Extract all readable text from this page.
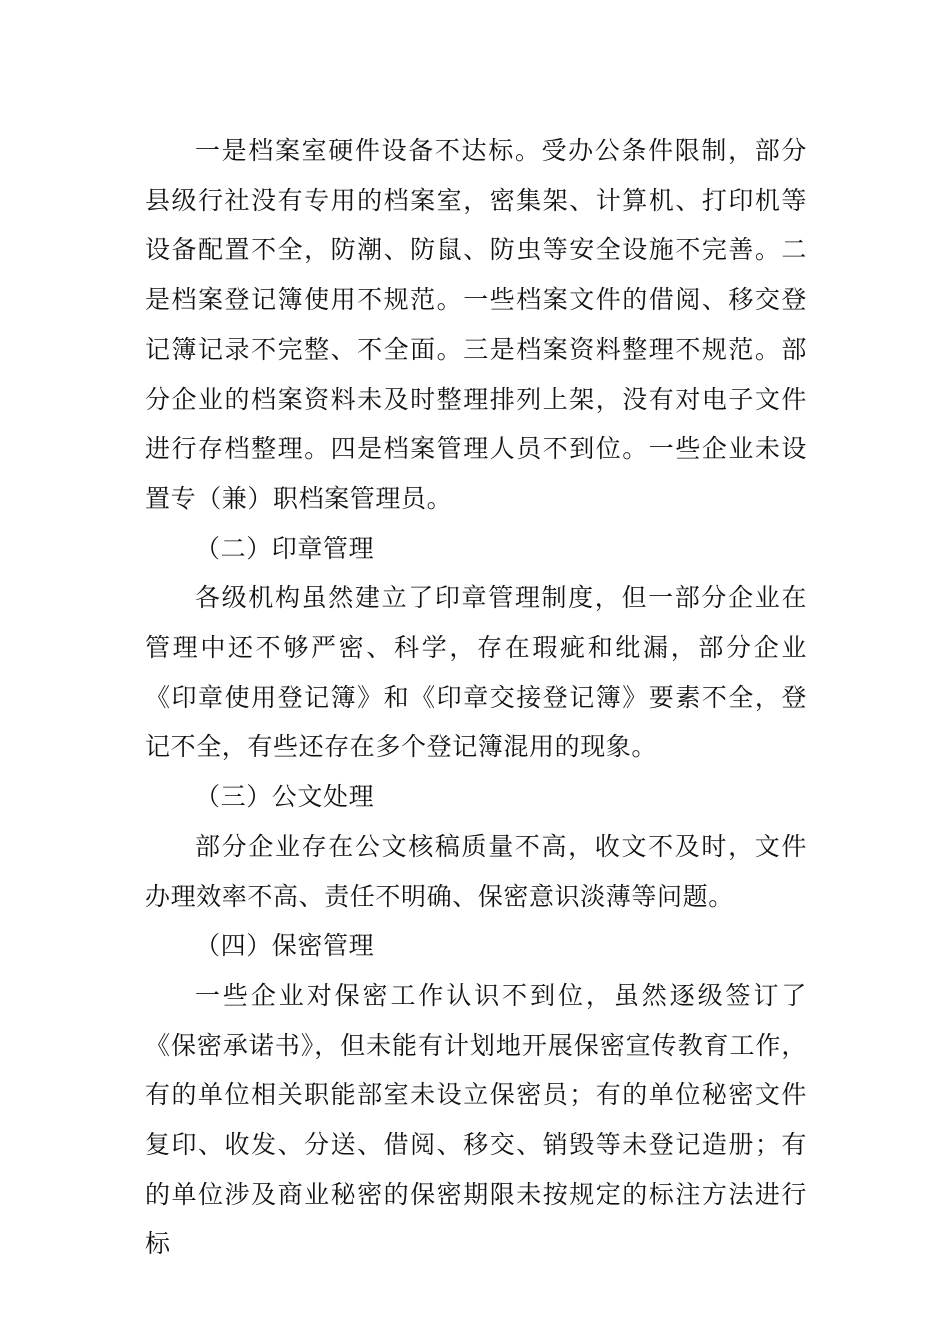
一是档案室硬件设备不达标。受办公条件限制，部分县级行社没有专用的档案室，密集架、计算机、打印机等设备配置不全，防潮、防鼠、防虫等安全设施不完善。二是档案登记簿使用不规范。一些档案文件的借阅、移交登记簿记录不完整、不全面。三是档案资料整理不规范。部分企业的档案资料未及时整理排列上架，没有对电子文件进行存档整理。四是档案管理人员不到位。一些企业未设置专（兼）职档案管理员。

（二）印章管理

各级机构虽然建立了印章管理制度，但一部分企业在管理中还不够严密、科学，存在瑕疵和纰漏，部分企业《印章使用登记簿》和《印章交接登记簿》要素不全，登记不全，有些还存在多个登记簿混用的现象。

（三）公文处理

部分企业存在公文核稿质量不高，收文不及时，文件办理效率不高、责任不明确、保密意识淡薄等问题。

（四）保密管理

一些企业对保密工作认识不到位，虽然逐级签订了《保密承诺书》，但未能有计划地开展保密宣传教育工作，有的单位相关职能部室未设立保密员；有的单位秘密文件复印、收发、分送、借阅、移交、销毁等未登记造册；有的单位涉及商业秘密的保密期限未按规定的标注方法进行标
